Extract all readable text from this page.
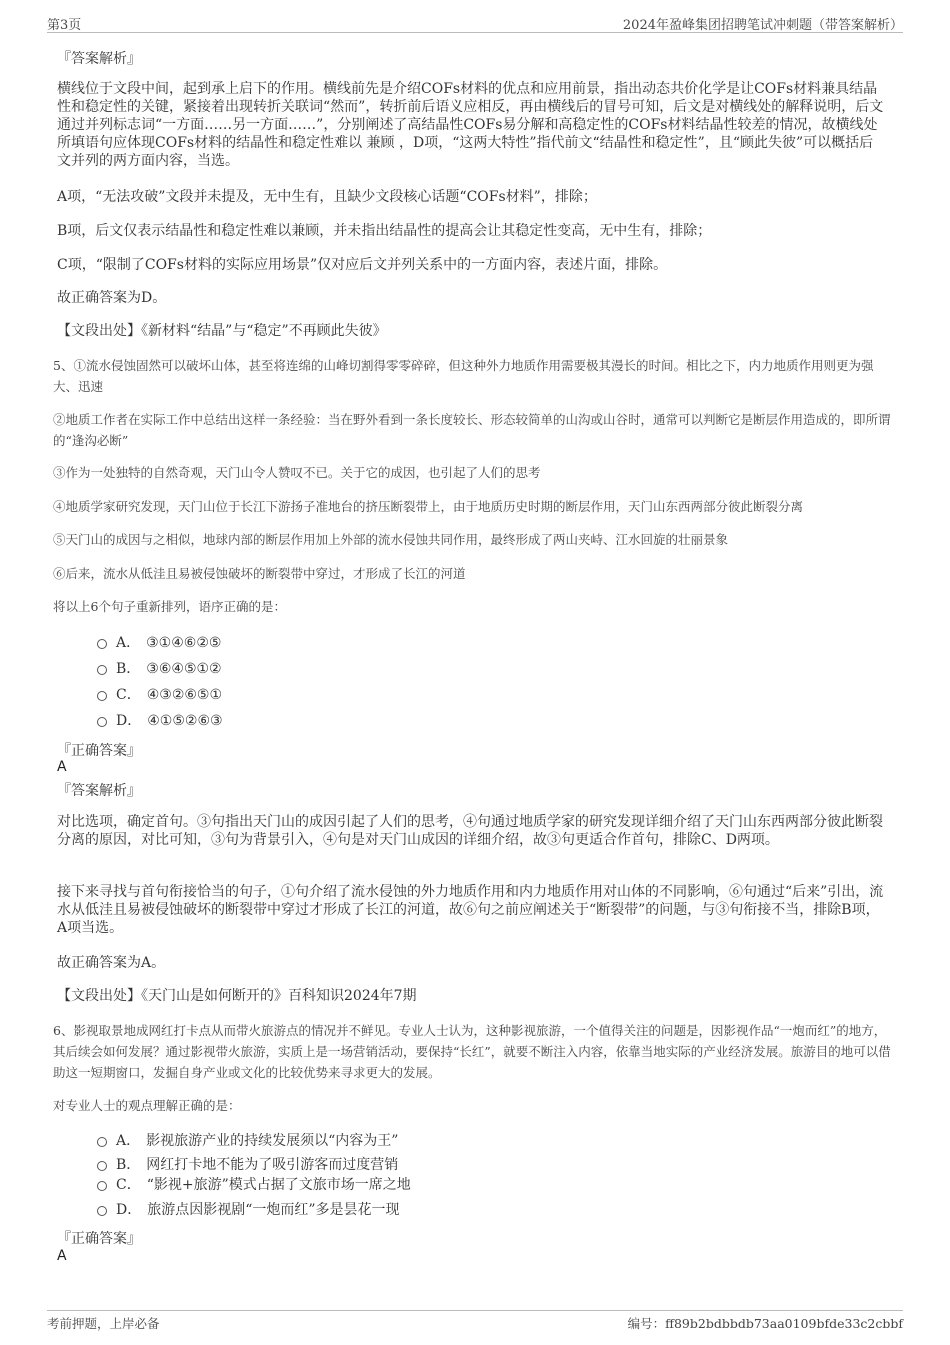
第3页	2024年盈峰集团招聘笔试冲刺题（带答案解析）
『答案解析』
横线位于文段中间，起到承上启下的作用。横线前先是介绍COFs材料的优点和应用前景，指出动态共价化学是让COFs材料兼具结晶性和稳定性的关键，紧接着出现转折关联词“然而”，转折前后语义应相反，再由横线后的冒号可知，后文是对横线处的解释说明，后文通过并列标志词“一方面……另一方面……”，分别阐述了高结晶性COFs易分解和高稳定性的COFs材料结晶性较差的情况，故横线处所填语句应体现COFs材料的结晶性和稳定性难以 兼顾 ，D项，“这两大特性”指代前文“结晶性和稳定性”，且“顾此失彼”可以概括后文并列的两方面内容，当选。
A项，“无法攻破”文段并未提及，无中生有，且缺少文段核心话题“COFs材料”，排除；
B项，后文仅表示结晶性和稳定性难以兼顾，并未指出结晶性的提高会让其稳定性变高，无中生有，排除；
C项，“限制了COFs材料的实际应用场景”仅对应后文并列关系中的一方面内容，表述片面，排除。
故正确答案为D。
【文段出处】《新材料“结晶”与“稳定”不再顾此失彼》
5、①流水侵蚀固然可以破坏山体，甚至将连绵的山峰切割得零零碎碎，但这种外力地质作用需要极其漫长的时间。相比之下，内力地质作用则更为强大、迅速
②地质工作者在实际工作中总结出这样一条经验：当在野外看到一条长度较长、形态较简单的山沟或山谷时，通常可以判断它是断层作用造成的，即所谓的“逢沟必断”
③作为一处独特的自然奇观，天门山令人赞叹不已。关于它的成因，也引起了人们的思考
④地质学家研究发现，天门山位于长江下游扬子准地台的挤压断裂带上，由于地质历史时期的断层作用，天门山东西两部分彼此断裂分离
⑤天门山的成因与之相似，地球内部的断层作用加上外部的流水侵蚀共同作用，最终形成了两山夹峙、江水回旋的壮丽景象
⑥后来，流水从低洼且易被侵蚀破坏的断裂带中穿过，才形成了长江的河道
将以上6个句子重新排列，语序正确的是：
A． ③①④⑥②⑤
B． ③⑥④⑤①②
C． ④③②⑥⑤①
D． ④①⑤②⑥③
『正确答案』
A
『答案解析』
对比选项，确定首句。③句指出天门山的成因引起了人们的思考，④句通过地质学家的研究发现详细介绍了天门山东西两部分彼此断裂分离的原因，对比可知，③句为背景引入，④句是对天门山成因的详细介绍，故③句更适合作首句，排除C、D两项。
接下来寻找与首句衔接恰当的句子，①句介绍了流水侵蚀的外力地质作用和内力地质作用对山体的不同影响，⑥句通过“后来”引出，流水从低洼且易被侵蚀破坏的断裂带中穿过才形成了长江的河道，故⑥句之前应阐述关于“断裂带”的问题，与③句衔接不当，排除B项，A项当选。
故正确答案为A。
【文段出处】《天门山是如何断开的》百科知识2024年7期
6、影视取景地成网红打卡点从而带火旅游点的情况并不鲜见。专业人士认为，这种影视旅游，一个值得关注的问题是，因影视作品“一炮而红”的地方，其后续会如何发展？通过影视带火旅游，实质上是一场营销活动，要保持“长红”，就要不断注入内容，依靠当地实际的产业经济发展。旅游目的地可以借助这一短期窗口，发掘自身产业或文化的比较优势来寻求更大的发展。
对专业人士的观点理解正确的是：
A． 影视旅游产业的持续发展须以“内容为王”
B． 网红打卡地不能为了吸引游客而过度营销
C． “影视+旅游”模式占据了文旅市场一席之地
D． 旅游点因影视剧“一炮而红”多是昙花一现
『正确答案』
A
考前押题，上岸必备	编号：ff89b2bdbbdb73aa0109bfde33c2cbbf
